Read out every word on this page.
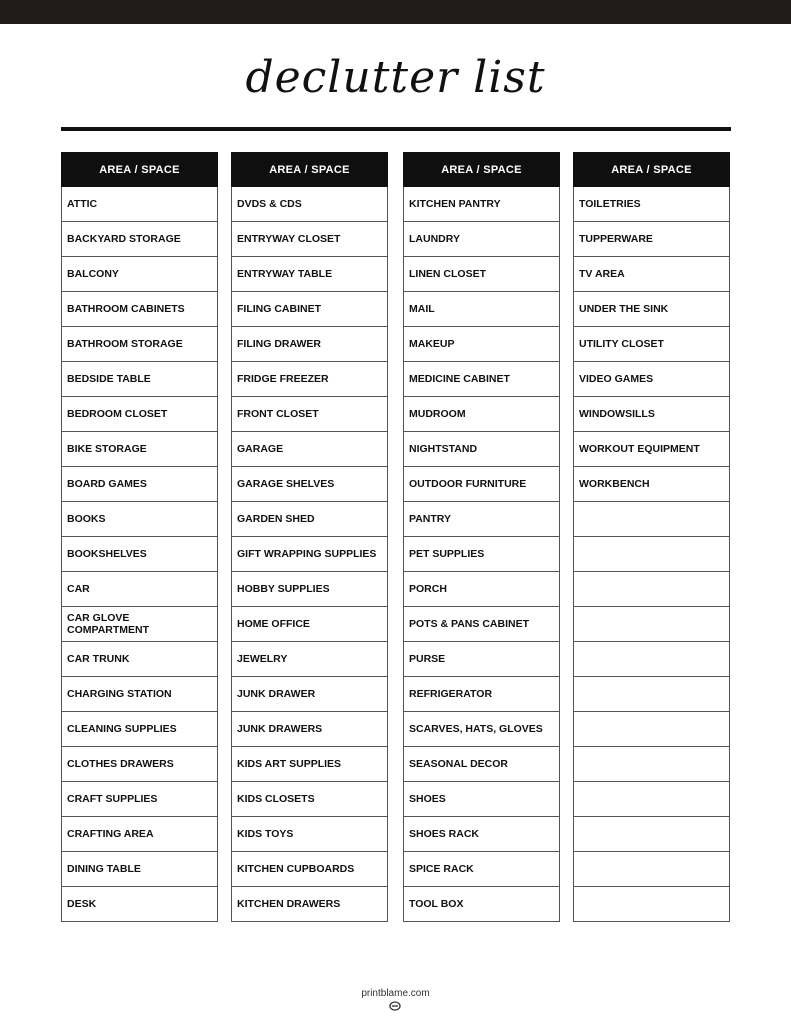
declutter list
AREA / SPACE
ATTIC
BACKYARD STORAGE
BALCONY
BATHROOM CABINETS
BATHROOM STORAGE
BEDSIDE TABLE
BEDROOM CLOSET
BIKE STORAGE
BOARD GAMES
BOOKS
BOOKSHELVES
CAR
CAR GLOVE COMPARTMENT
CAR TRUNK
CHARGING STATION
CLEANING SUPPLIES
CLOTHES DRAWERS
CRAFT SUPPLIES
CRAFTING AREA
DINING TABLE
DESK
AREA / SPACE
DVDS & CDS
ENTRYWAY CLOSET
ENTRYWAY TABLE
FILING CABINET
FILING DRAWER
FRIDGE FREEZER
FRONT CLOSET
GARAGE
GARAGE SHELVES
GARDEN SHED
GIFT WRAPPING SUPPLIES
HOBBY SUPPLIES
HOME OFFICE
JEWELRY
JUNK DRAWER
JUNK DRAWERS
KIDS ART SUPPLIES
KIDS CLOSETS
KIDS TOYS
KITCHEN CUPBOARDS
KITCHEN DRAWERS
AREA / SPACE
KITCHEN PANTRY
LAUNDRY
LINEN CLOSET
MAIL
MAKEUP
MEDICINE CABINET
MUDROOM
NIGHTSTAND
OUTDOOR FURNITURE
PANTRY
PET SUPPLIES
PORCH
POTS & PANS CABINET
PURSE
REFRIGERATOR
SCARVES, HATS, GLOVES
SEASONAL DECOR
SHOES
SHOES RACK
SPICE RACK
TOOL BOX
AREA / SPACE
TOILETRIES
TUPPERWARE
TV AREA
UNDER THE SINK
UTILITY CLOSET
VIDEO GAMES
WINDOWSILLS
WORKOUT EQUIPMENT
WORKBENCH
printblame.com
